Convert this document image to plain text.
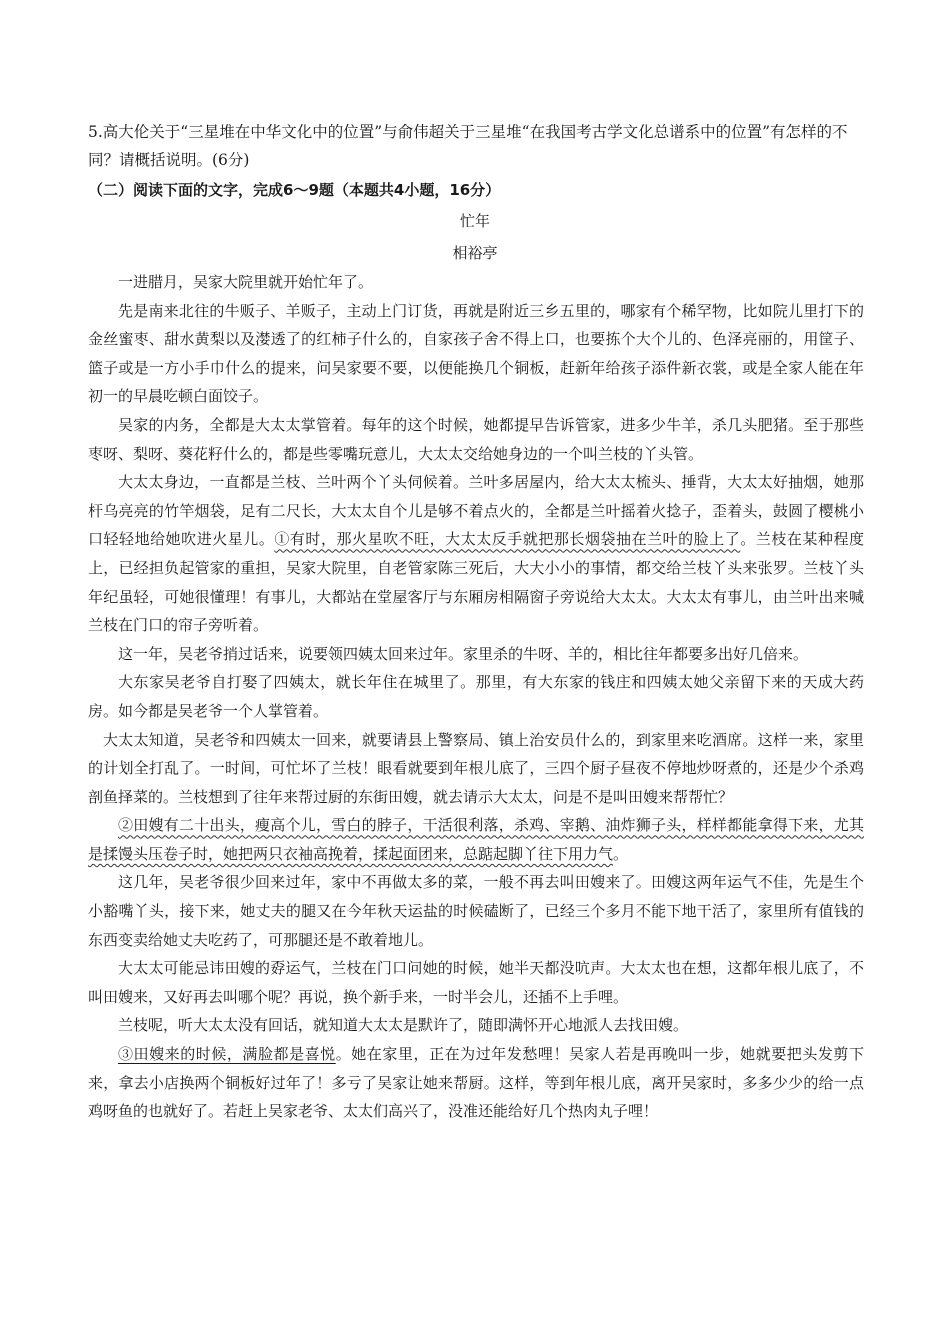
5.高大伦关于“三星堆在中华文化中的位置”与俞伟超关于三星堆“在我国考古学文化总谱系中的位置”有怎样的不同？请概括说明。(6分)
（二）阅读下面的文字，完成6～9题（本题共4小题，16分）
忙年
相裕亭

一进腊月，吴家大院里就开始忙年了。

先是南来北往的牛贩子、羊贩子，主动上门订货，再就是附近三乡五里的，哪家有个稀罕物，比如院儿里打下的金丝蜜枣、甜水黄梨以及漤透了的红柿子什么的，自家孩子舍不得上口，也要拣个大个儿的、色泽亮丽的，用筐子、篮子或是一方小手巾什么的提来，问吴家要不要，以便能换几个铜板，赶新年给孩子添件新衣裳，或是全家人能在年初一的早晨吃顿白面饺子。

吴家的内务，全都是大太太掌管着。每年的这个时候，她都提早告诉管家，进多少牛羊，杀几头肥猪。至于那些枣呀、梨呀、葵花籽什么的，都是些零嘴玩意儿，大太太交给她身边的一个叫兰枝的丫头管。

大太太身边，一直都是兰枝、兰叶两个丫头伺候着。兰叶多居屋内，给大太太梳头、捶背，大太太好抽烟，她那杆乌亮亮的竹竿烟袋，足有二尺长，大太太自个儿是够不着点火的，全都是兰叶摇着火捻子，歪着头，鼓圆了樱桃小口轻轻地给她吹进火星儿。①有时，那火星吹不旺，大太太反手就把那长烟袋抽在兰叶的脸上了。兰枝在某种程度上，已经担负起管家的重担，吴家大院里，自老管家陈三死后，大大小小的事情，都交给兰枝丫头来张罗。兰枝丫头年纪虽轻，可她很懂理！有事儿，大都站在堂屋客厅与东厢房相隔窗子旁说给大太太。大太太有事儿，由兰叶出来喊兰枝在门口的帘子旁听着。

这一年，吴老爷捎过话来，说要领四姨太回来过年。家里杀的牛呀、羊的，相比往年都要多出好几倍来。

大东家吴老爷自打娶了四姨太，就长年住在城里了。那里，有大东家的钱庄和四姨太她父亲留下来的天成大药房。如今都是吴老爷一个人掌管着。

大太太知道，吴老爷和四姨太一回来，就要请县上警察局、镇上治安员什么的，到家里来吃酒席。这样一来，家里的计划全打乱了。一时间，可忙坏了兰枝！眼看就要到年根儿底了，三四个厨子昼夜不停地炒呀煮的，还是少个杀鸡剖鱼择菜的。兰枝想到了往年来帮过厨的东街田嫂，就去请示大太太，问是不是叫田嫂来帮帮忙？

②田嫂有二十出头，瘦高个儿，雪白的脖子，干活很利落，杀鸡、宰鹅、油炸狮子头，样样都能拿得下来，尤其是揉馒头压卷子时，她把两只衣袖高挽着，揉起面团来，总踮起脚丫往下用力气。

这几年，吴老爷很少回来过年，家中不再做太多的菜，一般不再去叫田嫂来了。田嫂这两年运气不佳，先是生个小豁嘴丫头，接下来，她丈夫的腿又在今年秋天运盐的时候磕断了，已经三个多月不能下地干活了，家里所有值钱的东西变卖给她丈夫吃药了，可那腿还是不敢着地儿。

大太太可能忌讳田嫂的孬运气，兰枝在门口问她的时候，她半天都没吭声。大太太也在想，这都年根儿底了，不叫田嫂来，又好再去叫哪个呢？再说，换个新手来，一时半会儿，还插不上手哩。

兰枝呢，听大太太没有回话，就知道大太太是默许了，随即满怀开心地派人去找田嫂。

③田嫂来的时候，满脸都是喜悦。她在家里，正在为过年发愁哩！吴家人若是再晚叫一步，她就要把头发剪下来，拿去小店换两个铜板好过年了！多亏了吴家让她来帮厨。这样，等到年根儿底，离开吴家时，多多少少的给一点鸡呀鱼的也就好了。若赶上吴家老爷、太太们高兴了，没准还能给好几个热肉丸子哩！
